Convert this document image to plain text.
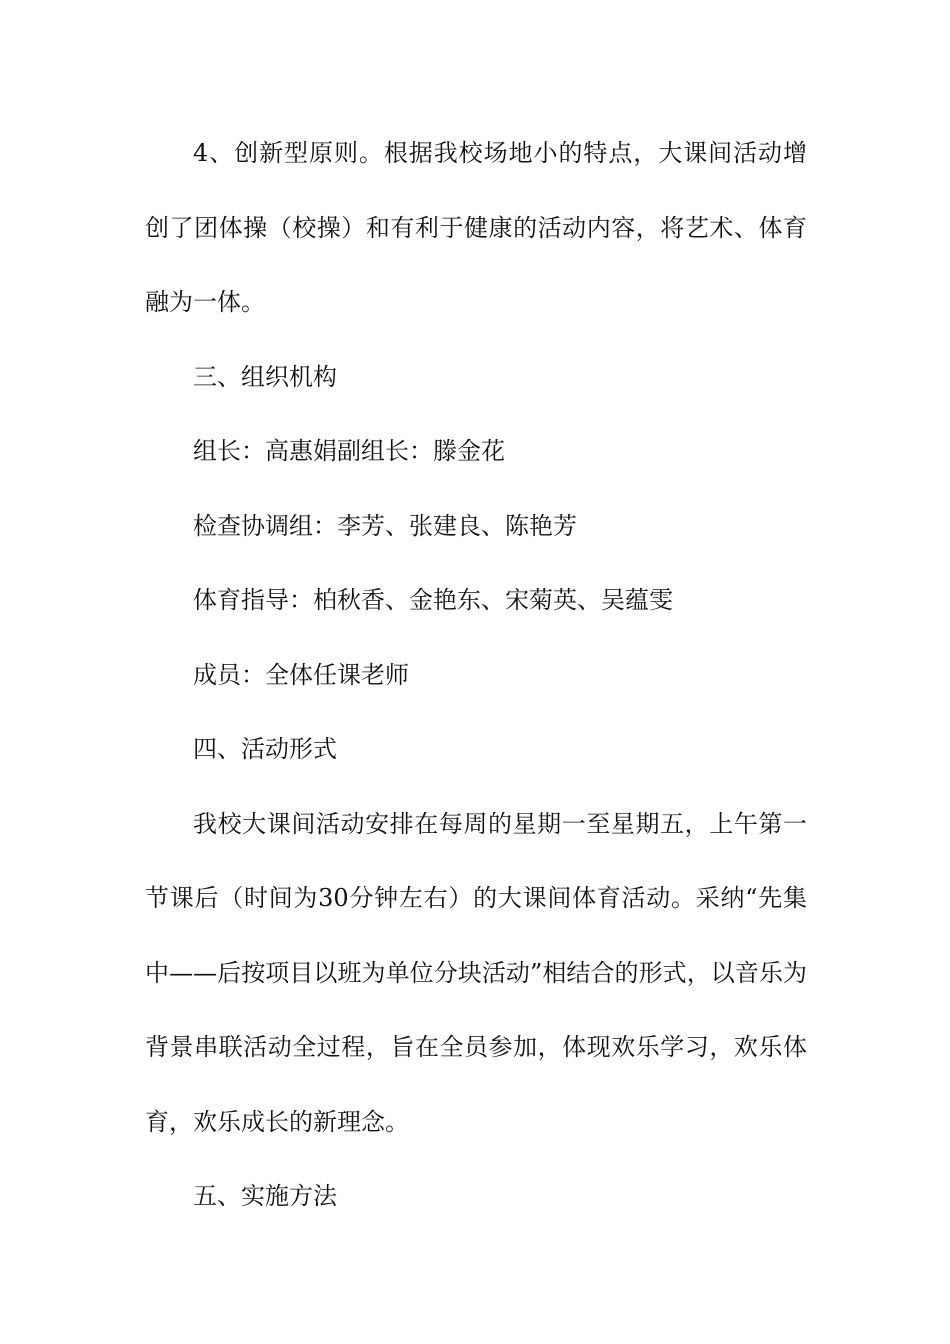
4、创新型原则。根据我校场地小的特点，大课间活动增创了团体操（校操）和有利于健康的活动内容，将艺术、体育融为一体。

三、组织机构

组长：高惠娟副组长：滕金花

检查协调组：李芳、张建良、陈艳芳

体育指导：柏秋香、金艳东、宋菊英、吴蕴雯

成员：全体任课老师

四、活动形式

我校大课间活动安排在每周的星期一至星期五，上午第一节课后（时间为30分钟左右）的大课间体育活动。采纳“先集中——后按项目以班为单位分块活动”相结合的形式，以音乐为背景串联活动全过程，旨在全员参加，体现欢乐学习，欢乐体育，欢乐成长的新理念。

五、实施方法
